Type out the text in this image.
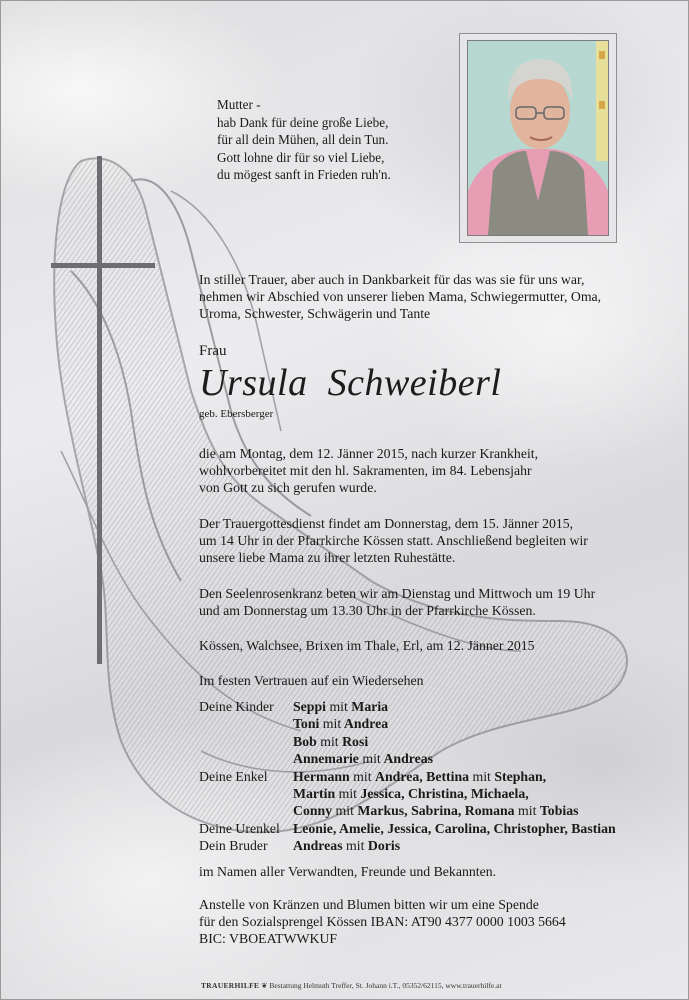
Mutter -
hab Dank für deine große Liebe,
für all dein Mühen, all dein Tun.
Gott lohne dir für so viel Liebe,
du mögest sanft in Frieden ruh'n.
In stiller Trauer, aber auch in Dankbarkeit für das was sie für uns war,
nehmen wir Abschied von unserer lieben Mama, Schwiegermutter, Oma,
Uroma, Schwester, Schwägerin und Tante
Frau
Ursula Schweiberl
geb. Ebersberger
die am Montag, dem 12. Jänner 2015, nach kurzer Krankheit,
wohlvorbereitet mit den hl. Sakramenten, im 84. Lebensjahr
von Gott zu sich gerufen wurde.
Der Trauergottesdienst findet am Donnerstag, dem 15. Jänner 2015,
um 14 Uhr in der Pfarrkirche Kössen statt. Anschließend begleiten wir
unsere liebe Mama zu ihrer letzten Ruhestätte.
Den Seelenrosenkranz beten wir am Dienstag und Mittwoch um 19 Uhr
und am Donnerstag um 13.30 Uhr in der Pfarrkirche Kössen.
Kössen, Walchsee, Brixen im Thale, Erl, am 12. Jänner 2015
Im festen Vertrauen auf ein Wiedersehen
Deine Kinder	Seppi mit Maria
Toni mit Andrea
Bob mit Rosi
Annemarie mit Andreas
Deine Enkel	Hermann mit Andrea, Bettina mit Stephan,
Martin mit Jessica, Christina, Michaela,
Conny mit Markus, Sabrina, Romana mit Tobias
Deine Urenkel Leonie, Amelie, Jessica, Carolina, Christopher, Bastian
Dein Bruder	Andreas mit Doris
im Namen aller Verwandten, Freunde und Bekannten.
Anstelle von Kränzen und Blumen bitten wir um eine Spende
für den Sozialsprengel Kössen IBAN: AT90 4377 0000 1003 5664
BIC: VBOEATWWKUF
TRAUERHILFE ❦ Bestattung Helmuth Treffer, St. Johann i.T., 05352/62115, www.trauerhilfe.at
